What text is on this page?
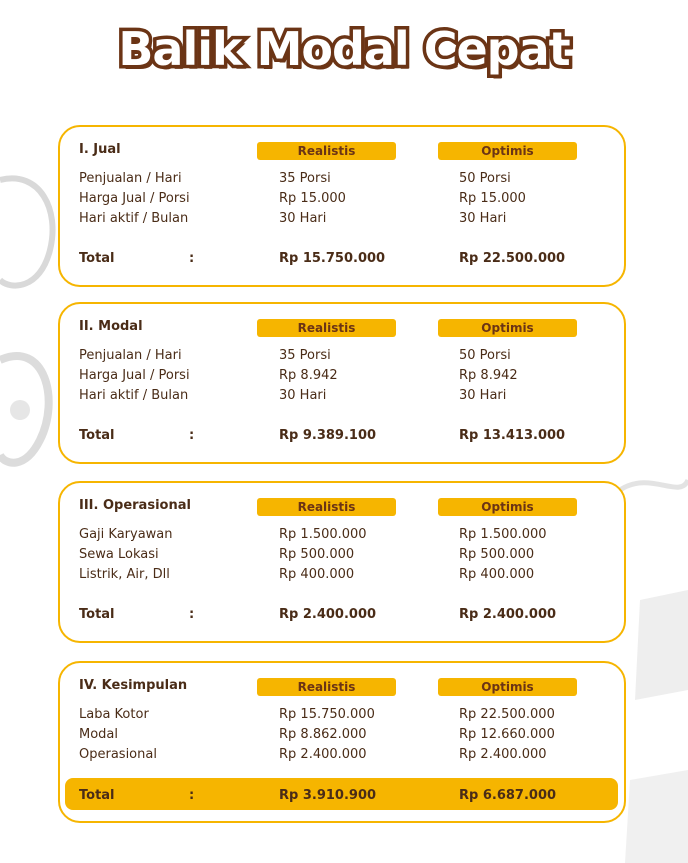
Balik Modal Cepat
I. Jual	Realistis	Optimis
Penjualan / Hari	35 Porsi	50 Porsi
Harga Jual / Porsi	Rp 15.000	Rp 15.000
Hari aktif / Bulan	30 Hari	30 Hari
Total	:	Rp 15.750.000	Rp 22.500.000
II. Modal	Realistis	Optimis
Penjualan / Hari	35 Porsi	50 Porsi
Harga Jual / Porsi	Rp 8.942	Rp 8.942
Hari aktif / Bulan	30 Hari	30 Hari
Total	:	Rp 9.389.100	Rp 13.413.000
III. Operasional	Realistis	Optimis
Gaji Karyawan	Rp 1.500.000	Rp 1.500.000
Sewa Lokasi	Rp 500.000	Rp 500.000
Listrik, Air, Dll	Rp 400.000	Rp 400.000
Total	:	Rp 2.400.000	Rp 2.400.000
IV. Kesimpulan	Realistis	Optimis
Laba Kotor	Rp 15.750.000	Rp 22.500.000
Modal	Rp 8.862.000	Rp 12.660.000
Operasional	Rp 2.400.000	Rp 2.400.000
Total	:	Rp 3.910.900	Rp 6.687.000
